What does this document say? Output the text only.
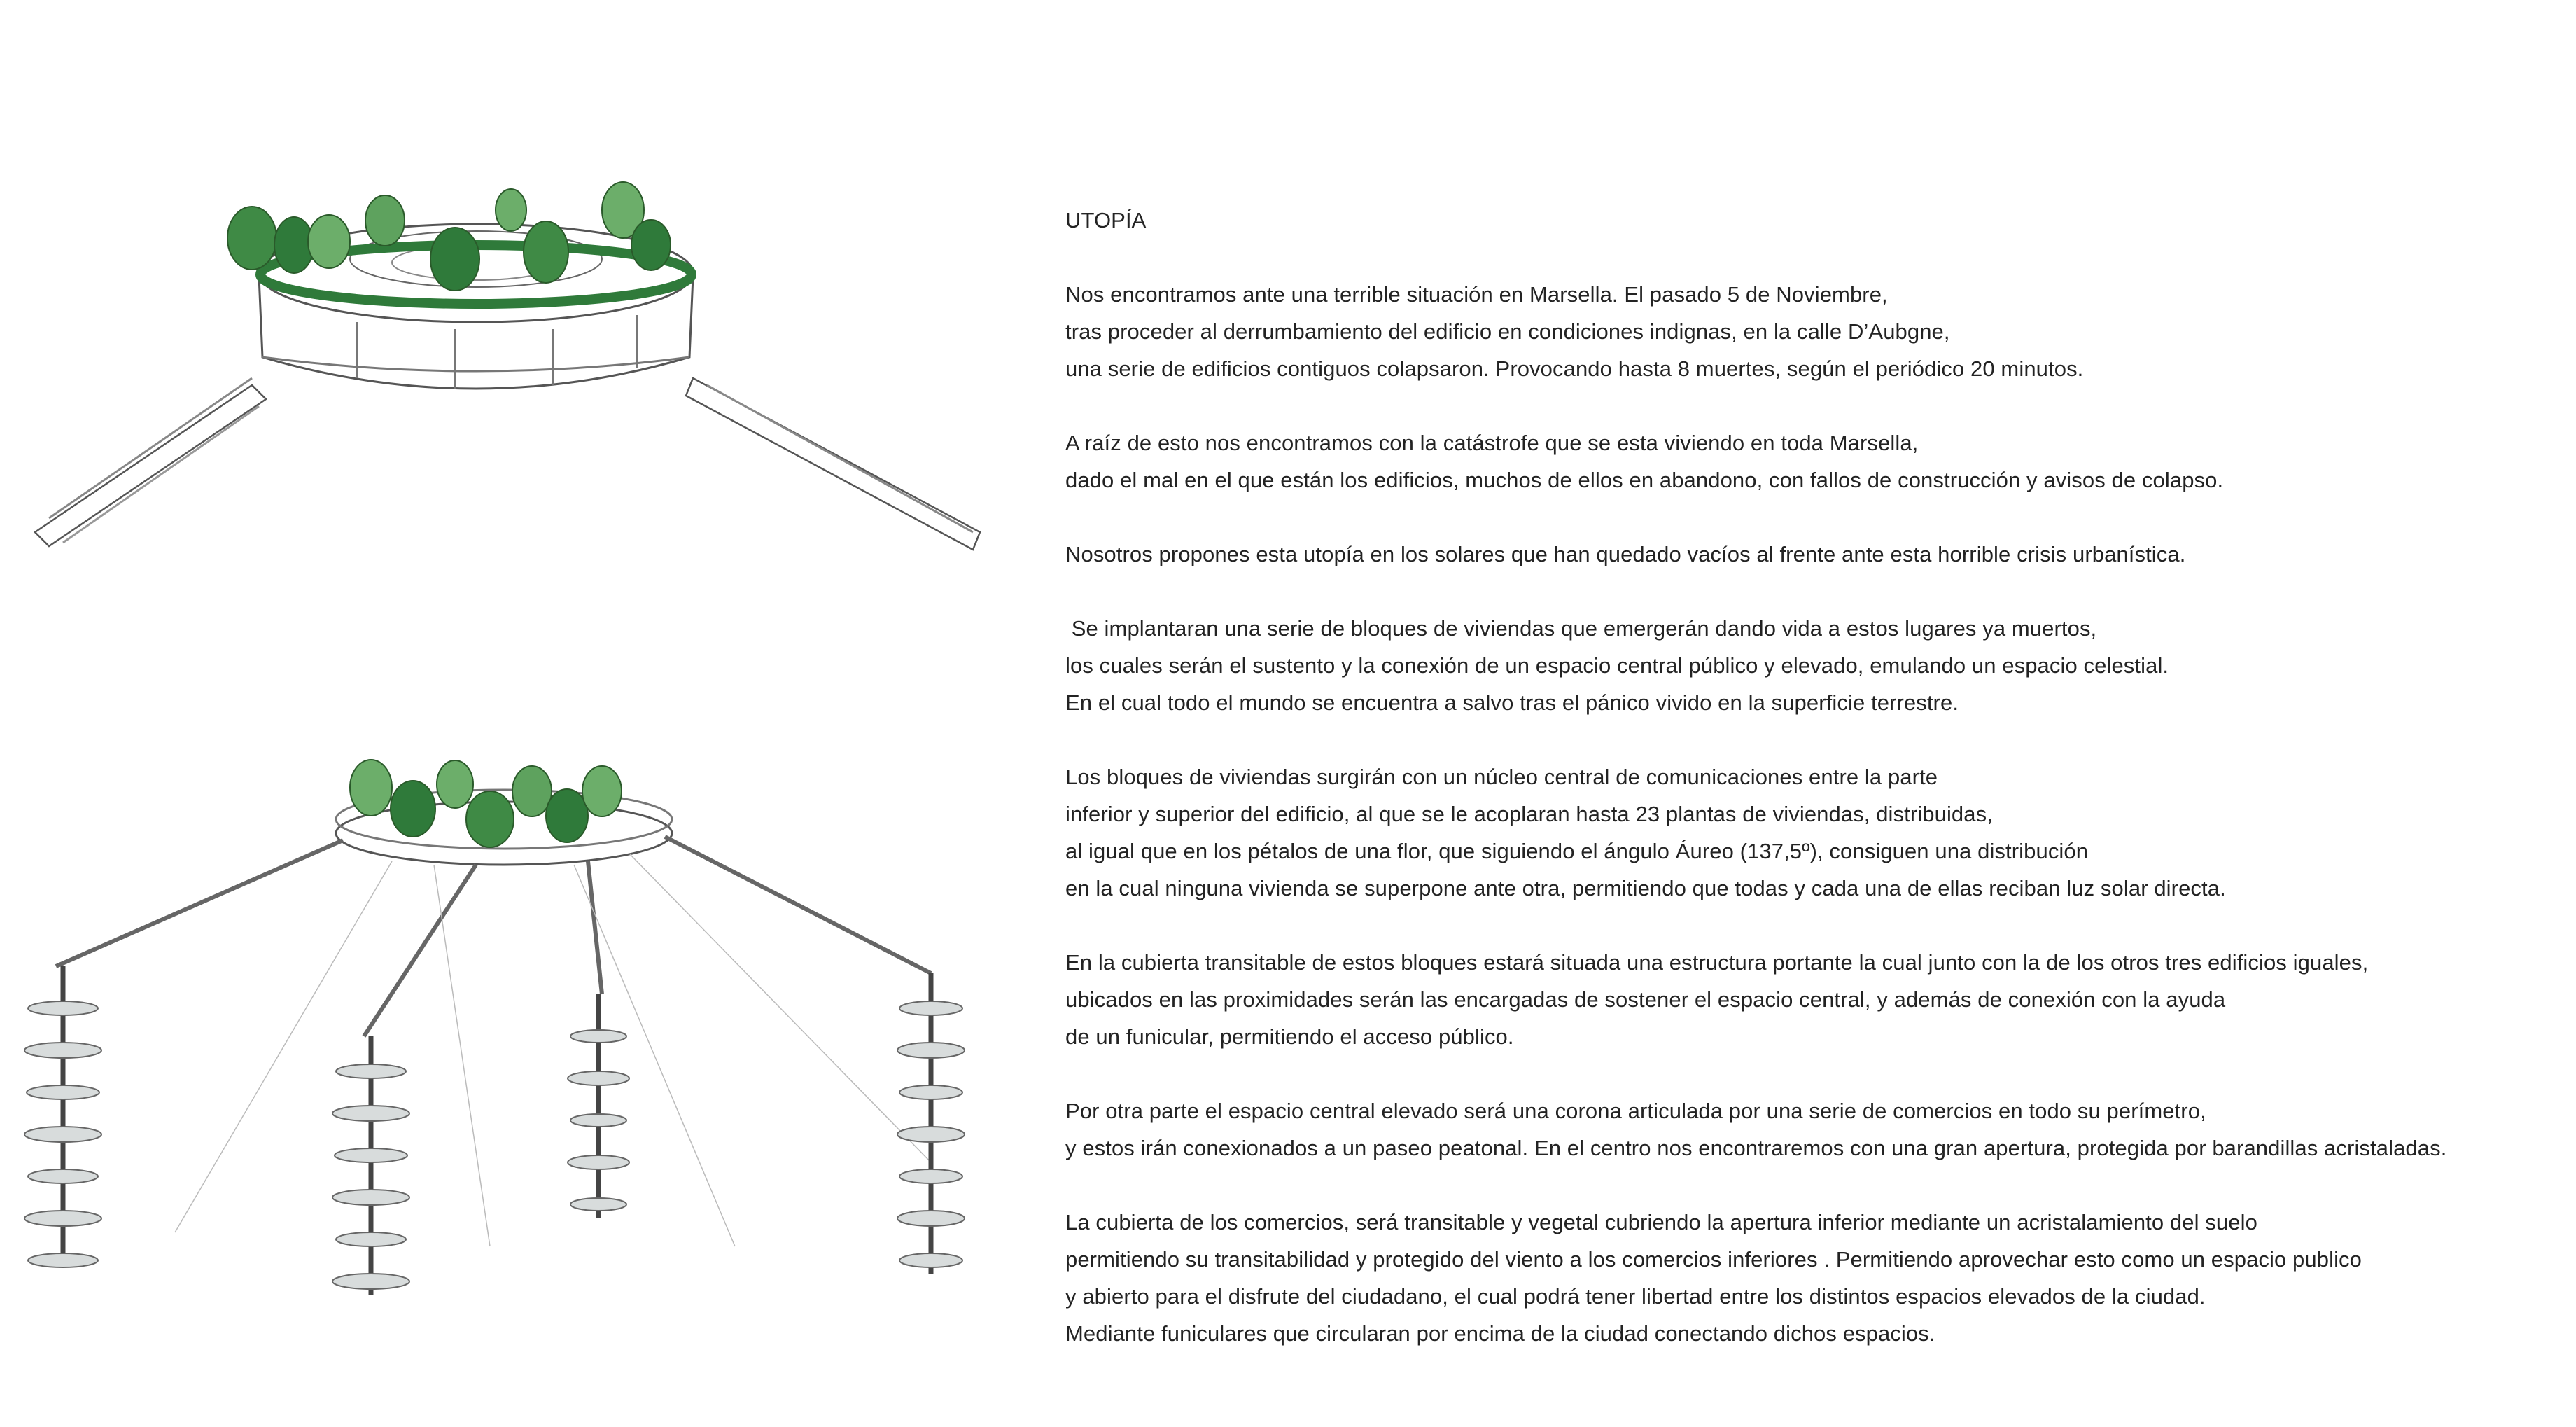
UTOPÍA

Nos encontramos ante una terrible situación en Marsella. El pasado 5 de Noviembre,

tras proceder al derrumbamiento del edificio en condiciones indignas, en la calle D’Aubgne,

una serie de edificios contiguos colapsaron. Provocando hasta 8 muertes, según el periódico 20 minutos.

A raíz de esto nos encontramos con la catástrofe que se esta viviendo en toda Marsella,

dado el mal en el que están los edificios, muchos de ellos en abandono, con fallos de construcción y avisos de colapso.

Nosotros propones esta utopía en los solares que han quedado vacíos al frente ante esta horrible crisis urbanística.

Se implantaran una serie de bloques de viviendas que emergerán dando vida a estos lugares ya muertos,

los cuales serán el sustento y la conexión de un espacio central público y elevado, emulando un espacio celestial.

En el cual todo el mundo se encuentra a salvo tras el pánico vivido en la superficie terrestre.

Los bloques de viviendas surgirán con un núcleo central de comunicaciones entre la parte

inferior y superior del edificio, al que se le acoplaran hasta 23 plantas de viviendas, distribuidas,

al igual que en los pétalos de una flor, que siguiendo el ángulo Áureo (137,5º), consiguen una distribución

en la cual ninguna vivienda se superpone ante otra, permitiendo que todas y cada una de ellas reciban luz solar directa.

En la cubierta transitable de estos bloques estará situada una estructura portante la cual junto con la de los otros tres edificios iguales,

ubicados en las proximidades serán las encargadas de sostener el espacio central, y además de conexión con la ayuda

de un funicular, permitiendo el acceso público.

Por otra parte el espacio central elevado será una corona articulada por una serie de comercios en todo su perímetro,

y estos irán conexionados a un paseo peatonal. En el centro nos encontraremos con una gran apertura, protegida por barandillas acristaladas.

La cubierta de los comercios, será transitable y vegetal cubriendo la apertura inferior mediante un acristalamiento del suelo

permitiendo su transitabilidad y protegido del viento a los comercios inferiores . Permitiendo aprovechar esto como un espacio publico

y abierto para el disfrute del ciudadano, el cual podrá tener libertad entre los distintos espacios elevados de la ciudad.

Mediante funiculares que circularan por encima de la ciudad conectando dichos espacios.
